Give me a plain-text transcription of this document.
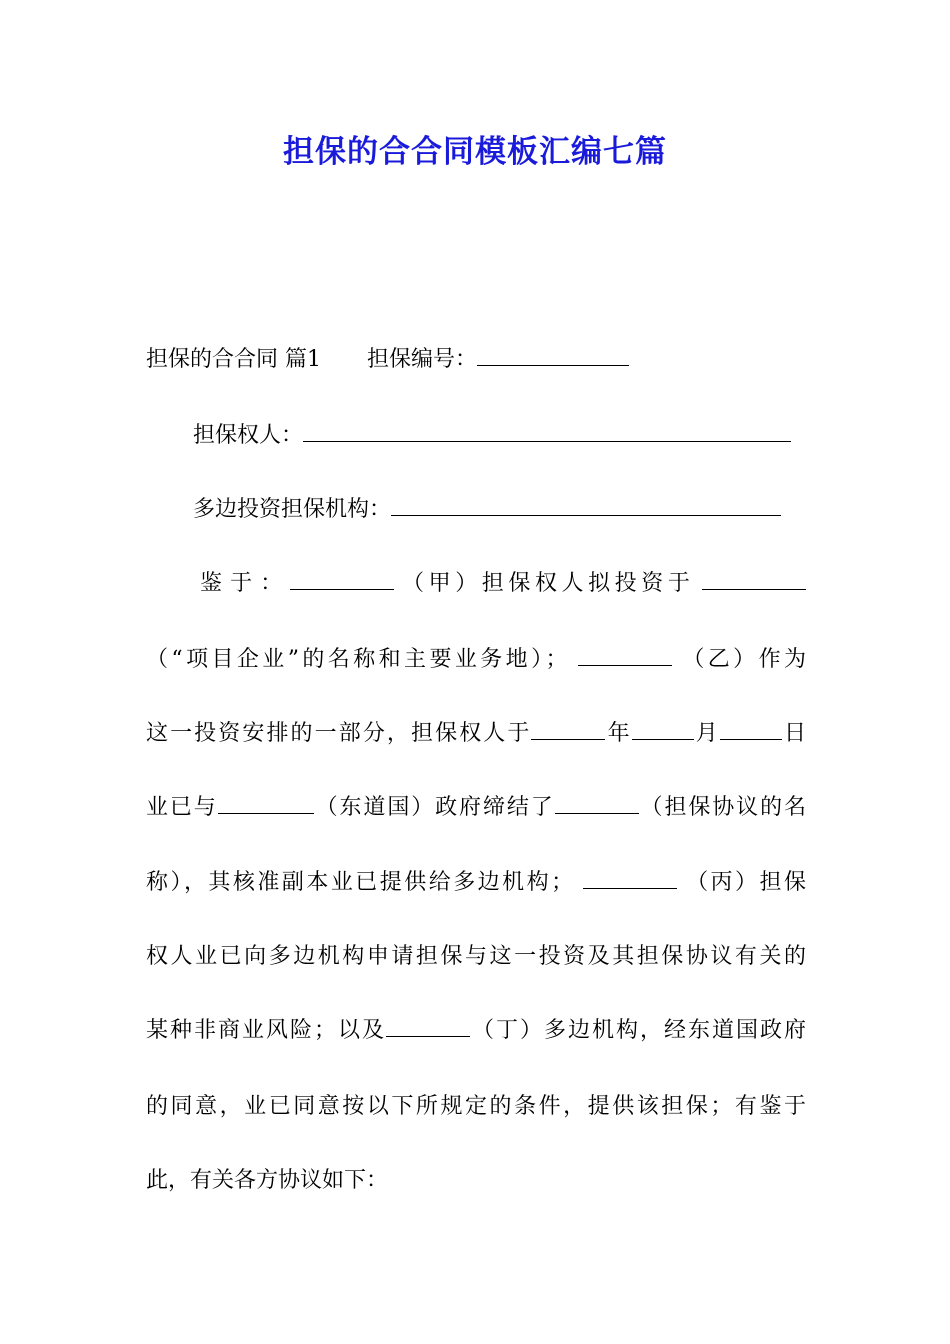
担保的合合同模板汇编七篇
担保的合合同 篇1 担保编号：
担保权人：
多边投资担保机构：
鉴 于 ：	（甲）担保权人拟投资于
（“项目企业”的名称和主要业务地）；	（乙）作为
这一投资安排的一部分，担保权人于	年	月	日
业已与	（东道国）政府缔结了	（担保协议的名
称），其核准副本业已提供给多边机构；	（丙）担保
权人业已向多边机构申请担保与这一投资及其担保协议有关的
某种非商业风险；以及	（丁）多边机构，经东道国政府
的同意，业已同意按以下所规定的条件，提供该担保；有鉴于
此，有关各方协议如下：
